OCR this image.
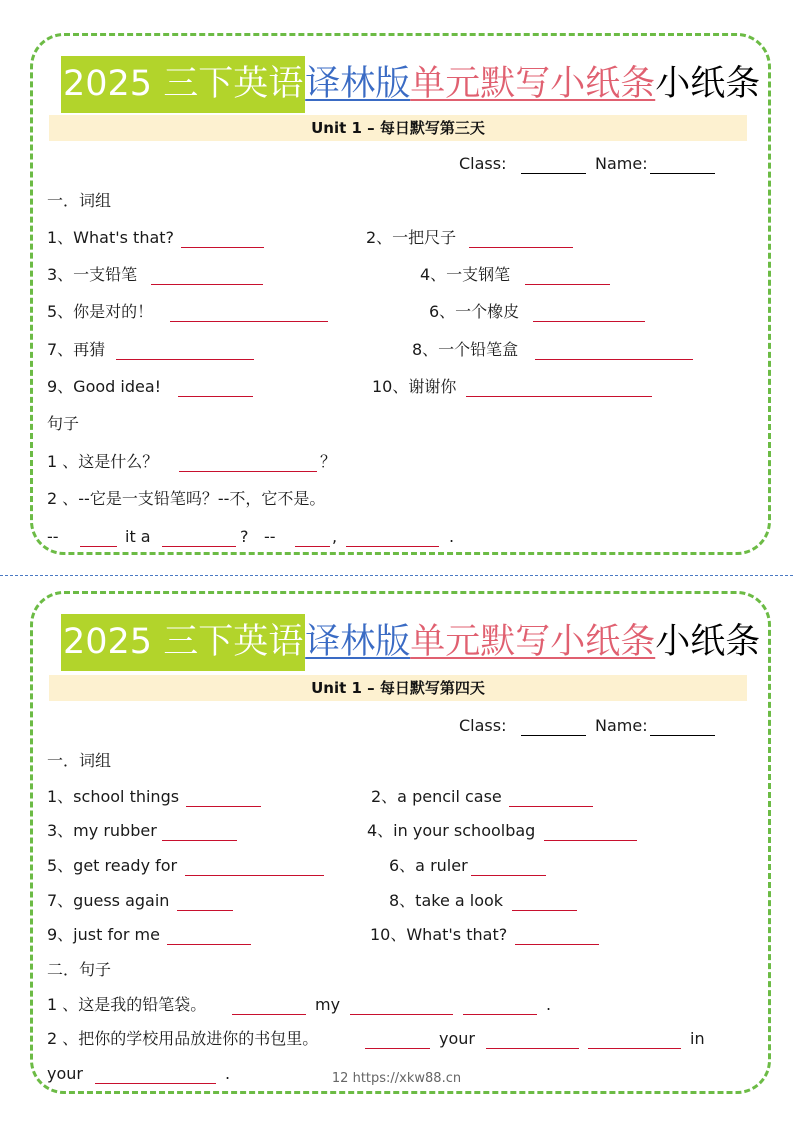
2025 三下英语译林版单元默写小纸条小纸条
Unit 1 – 每日默写第三天
Class:	Name:
一．词组
1、What's that?	2、一把尺子
3、一支铅笔	4、一支钢笔
5、你是对的！	6、一个橡皮
7、再猜	8、一个铅笔盒
9、Good idea!	10、谢谢你
句子
1 、这是什么？	？
2 、--它是一支铅笔吗？--不，它不是。
--	it a	? --	,	.
2025 三下英语译林版单元默写小纸条小纸条
Unit 1 – 每日默写第四天
Class:	Name:
一．词组
1、school things	2、a pencil case
3、my rubber	4、in your schoolbag
5、get ready for	6、a ruler
7、guess again	8、take a look
9、just for me	10、What's that?
二．句子
1 、这是我的铅笔袋。	my	.
2 、把你的学校用品放进你的书包里。	your	in
your	.	12 https://xkw88.cn
